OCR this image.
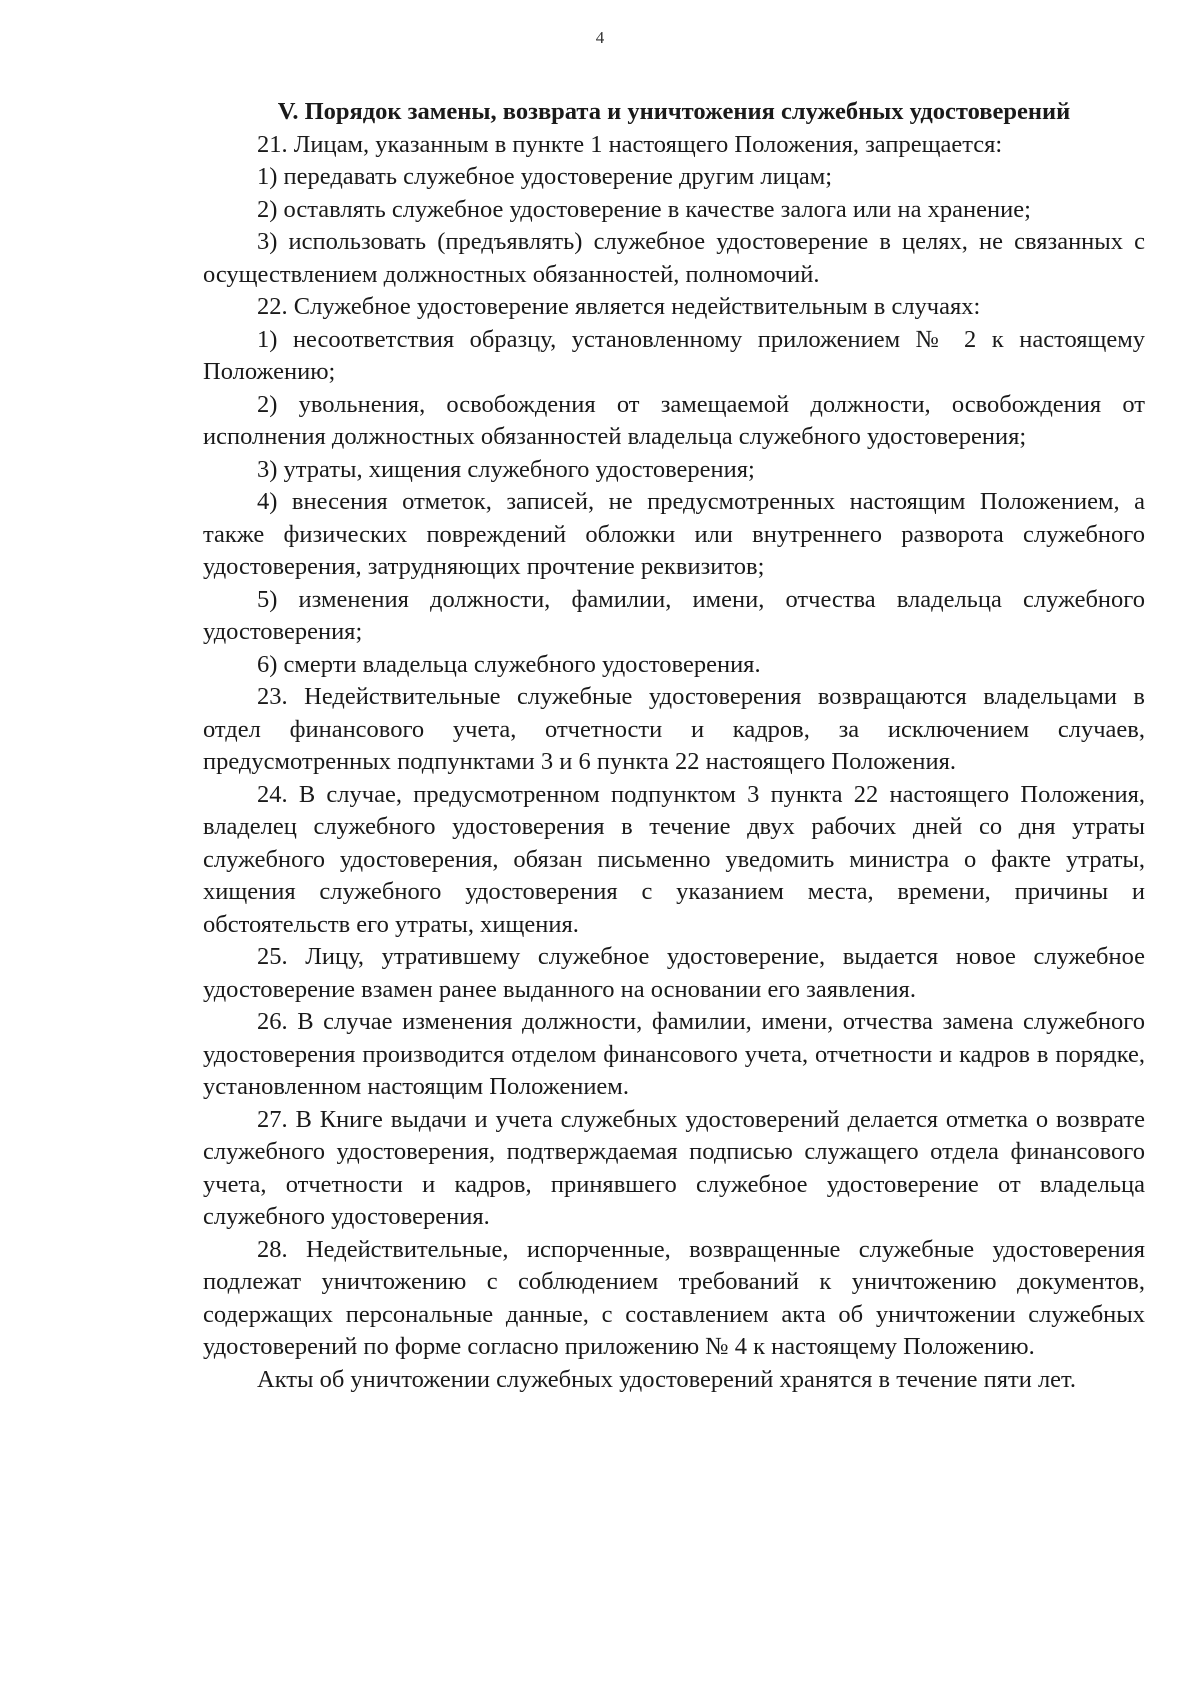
4
V. Порядок замены, возврата и уничтожения служебных удостоверений

21. Лицам, указанным в пункте 1 настоящего Положения, запрещается:

1) передавать служебное удостоверение другим лицам;

2) оставлять служебное удостоверение в качестве залога или на хранение;

3) использовать (предъявлять) служебное удостоверение в целях, не связанных с осуществлением должностных обязанностей, полномочий.

22. Служебное удостоверение является недействительным в случаях:

1) несоответствия образцу, установленному приложением № 2 к настоящему Положению;

2) увольнения, освобождения от замещаемой должности, освобождения от исполнения должностных обязанностей владельца служебного удостоверения;

3) утраты, хищения служебного удостоверения;

4) внесения отметок, записей, не предусмотренных настоящим Положением, а также физических повреждений обложки или внутреннего разворота служебного удостоверения, затрудняющих прочтение реквизитов;

5) изменения должности, фамилии, имени, отчества владельца служебного удостоверения;

6) смерти владельца служебного удостоверения.

23. Недействительные служебные удостоверения возвращаются владельцами в отдел финансового учета, отчетности и кадров, за исключением случаев, предусмотренных подпунктами 3 и 6 пункта 22 настоящего Положения.

24. В случае, предусмотренном подпунктом 3 пункта 22 настоящего Положения, владелец служебного удостоверения в течение двух рабочих дней со дня утраты служебного удостоверения, обязан письменно уведомить министра о факте утраты, хищения служебного удостоверения с указанием места, времени, причины и обстоятельств его утраты, хищения.

25. Лицу, утратившему служебное удостоверение, выдается новое служебное удостоверение взамен ранее выданного на основании его заявления.

26. В случае изменения должности, фамилии, имени, отчества замена служебного удостоверения производится отделом финансового учета, отчетности и кадров в порядке, установленном настоящим Положением.

27. В Книге выдачи и учета служебных удостоверений делается отметка о возврате служебного удостоверения, подтверждаемая подписью служащего отдела финансового учета, отчетности и кадров, принявшего служебное удостоверение от владельца служебного удостоверения.

28. Недействительные, испорченные, возвращенные служебные удостоверения подлежат уничтожению с соблюдением требований к уничтожению документов, содержащих персональные данные, с составлением акта об уничтожении служебных удостоверений по форме согласно приложению № 4 к настоящему Положению.

Акты об уничтожении служебных удостоверений хранятся в течение пяти лет.
